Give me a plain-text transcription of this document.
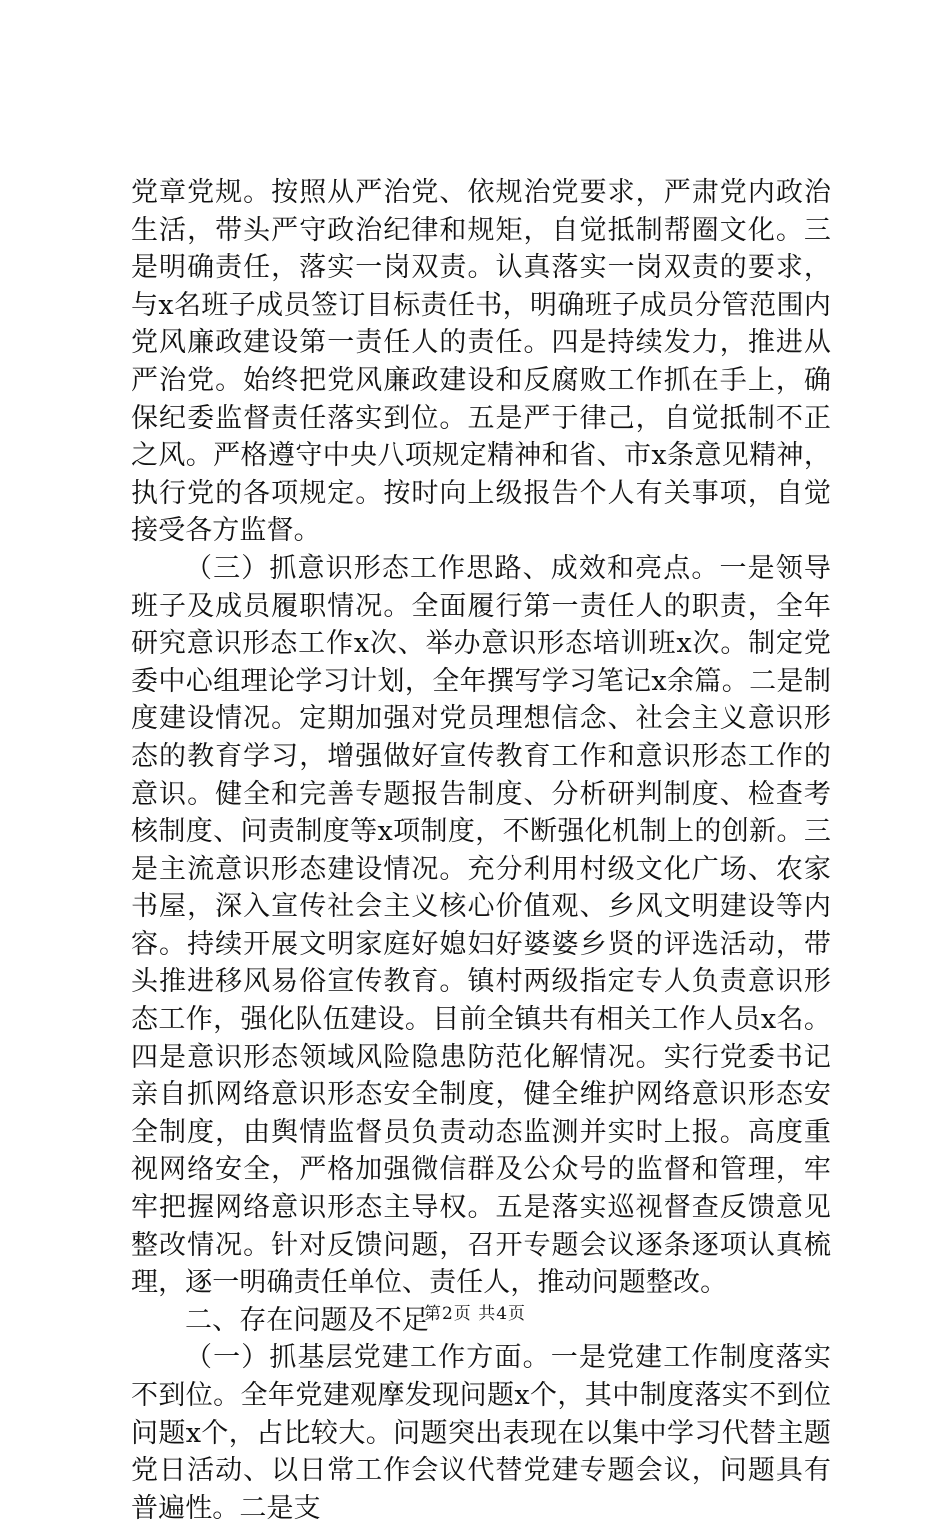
党章党规。按照从严治党、依规治党要求，严肃党内政治生活，带头严守政治纪律和规矩，自觉抵制帮圈文化。三是明确责任，落实一岗双责。认真落实一岗双责的要求，与x名班子成员签订目标责任书，明确班子成员分管范围内党风廉政建设第一责任人的责任。四是持续发力，推进从严治党。始终把党风廉政建设和反腐败工作抓在手上，确保纪委监督责任落实到位。五是严于律己，自觉抵制不正之风。严格遵守中央八项规定精神和省、市x条意见精神，执行党的各项规定。按时向上级报告个人有关事项，自觉接受各方监督。

（三）抓意识形态工作思路、成效和亮点。一是领导班子及成员履职情况。全面履行第一责任人的职责，全年研究意识形态工作x次、举办意识形态培训班x次。制定党委中心组理论学习计划，全年撰写学习笔记x余篇。二是制度建设情况。定期加强对党员理想信念、社会主义意识形态的教育学习，增强做好宣传教育工作和意识形态工作的意识。健全和完善专题报告制度、分析研判制度、检查考核制度、问责制度等x项制度，不断强化机制上的创新。三是主流意识形态建设情况。充分利用村级文化广场、农家书屋，深入宣传社会主义核心价值观、乡风文明建设等内容。持续开展文明家庭好媳妇好婆婆乡贤的评选活动，带头推进移风易俗宣传教育。镇村两级指定专人负责意识形态工作，强化队伍建设。目前全镇共有相关工作人员x名。四是意识形态领域风险隐患防范化解情况。实行党委书记亲自抓网络意识形态安全制度，健全维护网络意识形态安全制度，由舆情监督员负责动态监测并实时上报。高度重视网络安全，严格加强微信群及公众号的监督和管理，牢牢把握网络意识形态主导权。五是落实巡视督查反馈意见整改情况。针对反馈问题，召开专题会议逐条逐项认真梳理，逐一明确责任单位、责任人，推动问题整改。

二、存在问题及不足

（一）抓基层党建工作方面。一是党建工作制度落实不到位。全年党建观摩发现问题x个，其中制度落实不到位问题x个，占比较大。问题突出表现在以集中学习代替主题党日活动、以日常工作会议代替党建专题会议，问题具有普遍性。二是支

第2页 共4页
